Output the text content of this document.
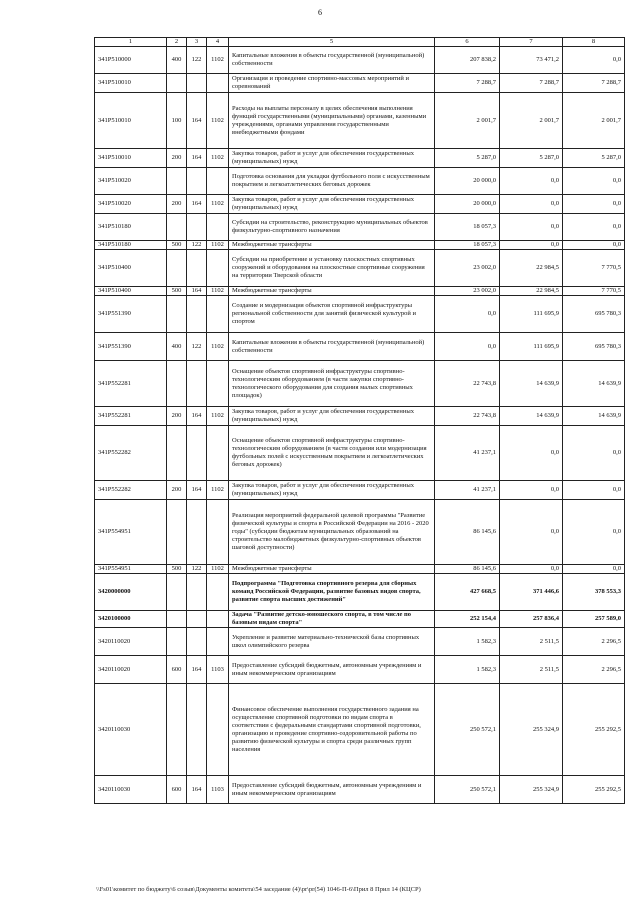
6
1	2	3	4	5	6	7	8
341P510000	400	122	1102	Капитальные вложения в объекты государственной (муниципальной) собственности	207 838,2	73 471,2	0,0
341P510010				Организация и проведение спортивно-массовых мероприятий и соревнований	7 288,7	7 288,7	7 288,7
341P510010	100	164	1102	Расходы на выплаты персоналу в целях обеспечения выполнения функций государственными (муниципальными) органами, казенными учреждениями, органами управления государственными внебюджетными фондами	2 001,7	2 001,7	2 001,7
341P510010	200	164	1102	Закупка товаров, работ и услуг для обеспечения государственных (муниципальных) нужд	5 287,0	5 287,0	5 287,0
341P510020				Подготовка основания для укладки футбольного поля с искусственным покрытием и легкоатлетических беговых дорожек	20 000,0	0,0	0,0
341P510020	200	164	1102	Закупка товаров, работ и услуг для обеспечения государственных (муниципальных) нужд	20 000,0	0,0	0,0
341P510180				Субсидии на строительство, реконструкцию муниципальных объектов физкультурно-спортивного назначения	18 057,3	0,0	0,0
341P510180	500	122	1102	Межбюджетные трансферты	18 057,3	0,0	0,0
341P510400				Субсидии на приобретение и установку плоскостных спортивных сооружений и оборудования на плоскостные спортивные сооружения на территории Тверской области	23 002,0	22 984,5	7 770,5
341P510400	500	164	1102	Межбюджетные трансферты	23 002,0	22 984,5	7 770,5
341P551390				Создание и модернизация объектов спортивной инфраструктуры региональной собственности для занятий физической культурой и спортом	0,0	111 695,9	695 780,3
341P551390	400	122	1102	Капитальные вложения в объекты государственной (муниципальной) собственности	0,0	111 695,9	695 780,3
341P552281				Оснащение объектов спортивной инфраструктуры спортивно-технологическим оборудованием (в части закупки спортивно-технологического оборудования для создания малых спортивных площадок)	22 743,8	14 639,9	14 639,9
341P552281	200	164	1102	Закупка товаров, работ и услуг для обеспечения государственных (муниципальных) нужд	22 743,8	14 639,9	14 639,9
341P552282				Оснащение объектов спортивной инфраструктуры спортивно-технологическим оборудованием (в части создания или модернизация футбольных полей с искусственным покрытием и легкоатлетических беговых дорожек)	41 237,1	0,0	0,0
341P552282	200	164	1102	Закупка товаров, работ и услуг для обеспечения государственных (муниципальных) нужд	41 237,1	0,0	0,0
341P554951				Реализация мероприятий федеральной целевой программы "Развитие физической культуры и спорта в Российской Федерации на 2016 - 2020 годы" (субсидии бюджетам муниципальных образований на строительство малобюджетных физкультурно-спортивных объектов шаговой доступности)	86 145,6	0,0	0,0
341P554951	500	122	1102	Межбюджетные трансферты	86 145,6	0,0	0,0
3420000000				Подпрограмма "Подготовка спортивного резерва для сборных команд Российской Федерации, развитие базовых видов спорта, развитие спорта высших достижений"	427 668,5	371 446,6	378 553,3
3420100000				Задача "Развитие детско-юношеского спорта, в том числе по базовым видам спорта"	252 154,4	257 836,4	257 589,0
3420110020				Укрепление и развитие материально-технической базы спортивных школ олимпийского резерва	1 582,3	2 511,5	2 296,5
3420110020	600	164	1103	Предоставление субсидий бюджетным, автономным учреждениям и иным некоммерческим организациям	1 582,3	2 511,5	2 296,5
3420110030				Финансовое обеспечение выполнения государственного задания на осуществление спортивной подготовки по видам спорта в соответствии с федеральными стандартами спортивной подготовки, организацию и проведение спортивно-оздоровительной работы по развитию физической культуры и спорта среди различных групп населения	250 572,1	255 324,9	255 292,5
3420110030	600	164	1103	Предоставление субсидий бюджетным, автономным учреждениям и иным некоммерческим организациям	250 572,1	255 324,9	255 292,5
\\Fs01\комитет по бюджету\6 созыв\Документы комитета\54 заседание (4)\pr\pr(54) 1046-П-6\Прил 8 Прил 14 (КЦСР)
